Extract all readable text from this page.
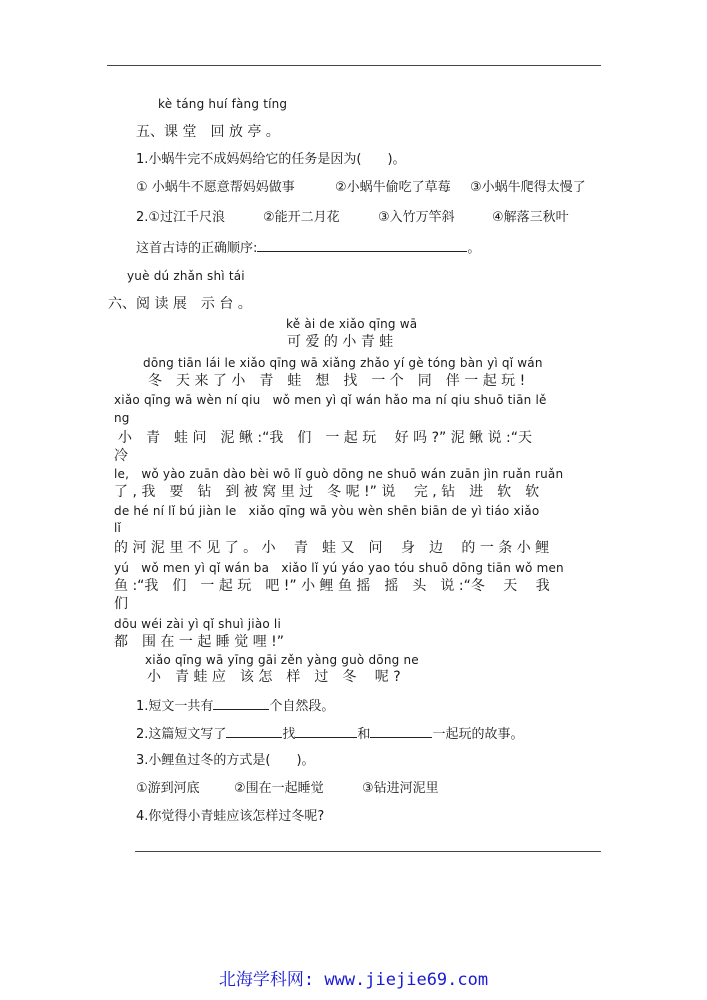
kè táng huí fàng tíng
五、课 堂　回 放 亭 。
1.小蜗牛完不成妈妈给它的任务是因为(　　)。
① 小蜗牛不愿意帮妈妈做事	②小蜗牛偷吃了草莓 ③小蜗牛爬得太慢了
2.①过江千尺浪	②能开二月花	③入竹万竿斜	④解落三秋叶
这首古诗的正确顺序:	。
yuè dú zhǎn shì tái
六、阅 读 展　示 台 。
kě ài de xiǎo qīng wā
可 爱 的 小 青 蛙
dōng tiān lái le xiǎo qīng wā xiǎng zhǎo yí gè tóng bàn yì qǐ wán
冬　天 来 了 小　青　蛙　想　找　一 个　同　伴 一 起 玩 !
xiǎo qīng wā wèn ní qiu　wǒ men yì qǐ wán hǎo ma ní qiu shuō tiān lě
ng
小　青　蛙 问　泥 鳅 :“我　们　一 起 玩　 好 吗 ?” 泥 鳅 说 :“天
冷
le,　wǒ yào zuān dào bèi wō lǐ guò dōng ne shuō wán zuān jìn ruǎn ruǎn
了 , 我　要　钻　到 被 窝 里 过　冬 呢 !” 说　 完 , 钻　进　软　软
de hé ní lǐ bú jiàn le　xiǎo qīng wā yòu wèn shēn biān de yì tiáo xiǎo
lǐ
的 河 泥 里 不 见 了 。 小　 青　蛙 又　问　 身　边　 的 一 条 小 鲤
yú　wǒ men yì qǐ wán ba　xiǎo lǐ yú yáo yao tóu shuō dōng tiān wǒ men
鱼 :“我　们　一 起 玩　吧 !” 小 鲤 鱼 摇　摇　头　说 :“冬　 天　 我
们
dōu wéi zài yì qǐ shuì jiào li
都　围 在 一 起 睡 觉 哩 !”
xiǎo qīng wā yīng gāi zěn yàng guò dōng ne
小　青 蛙 应　该 怎　样　过　冬　 呢 ?
1.短文一共有	个自然段。
2.这篇短文写了	找	和	一起玩的故事。
3.小鲤鱼过冬的方式是(　　)。
①游到河底	②围在一起睡觉	③钻进河泥里
4.你觉得小青蛙应该怎样过冬呢?
北海学科网: www.jiejie69.com
